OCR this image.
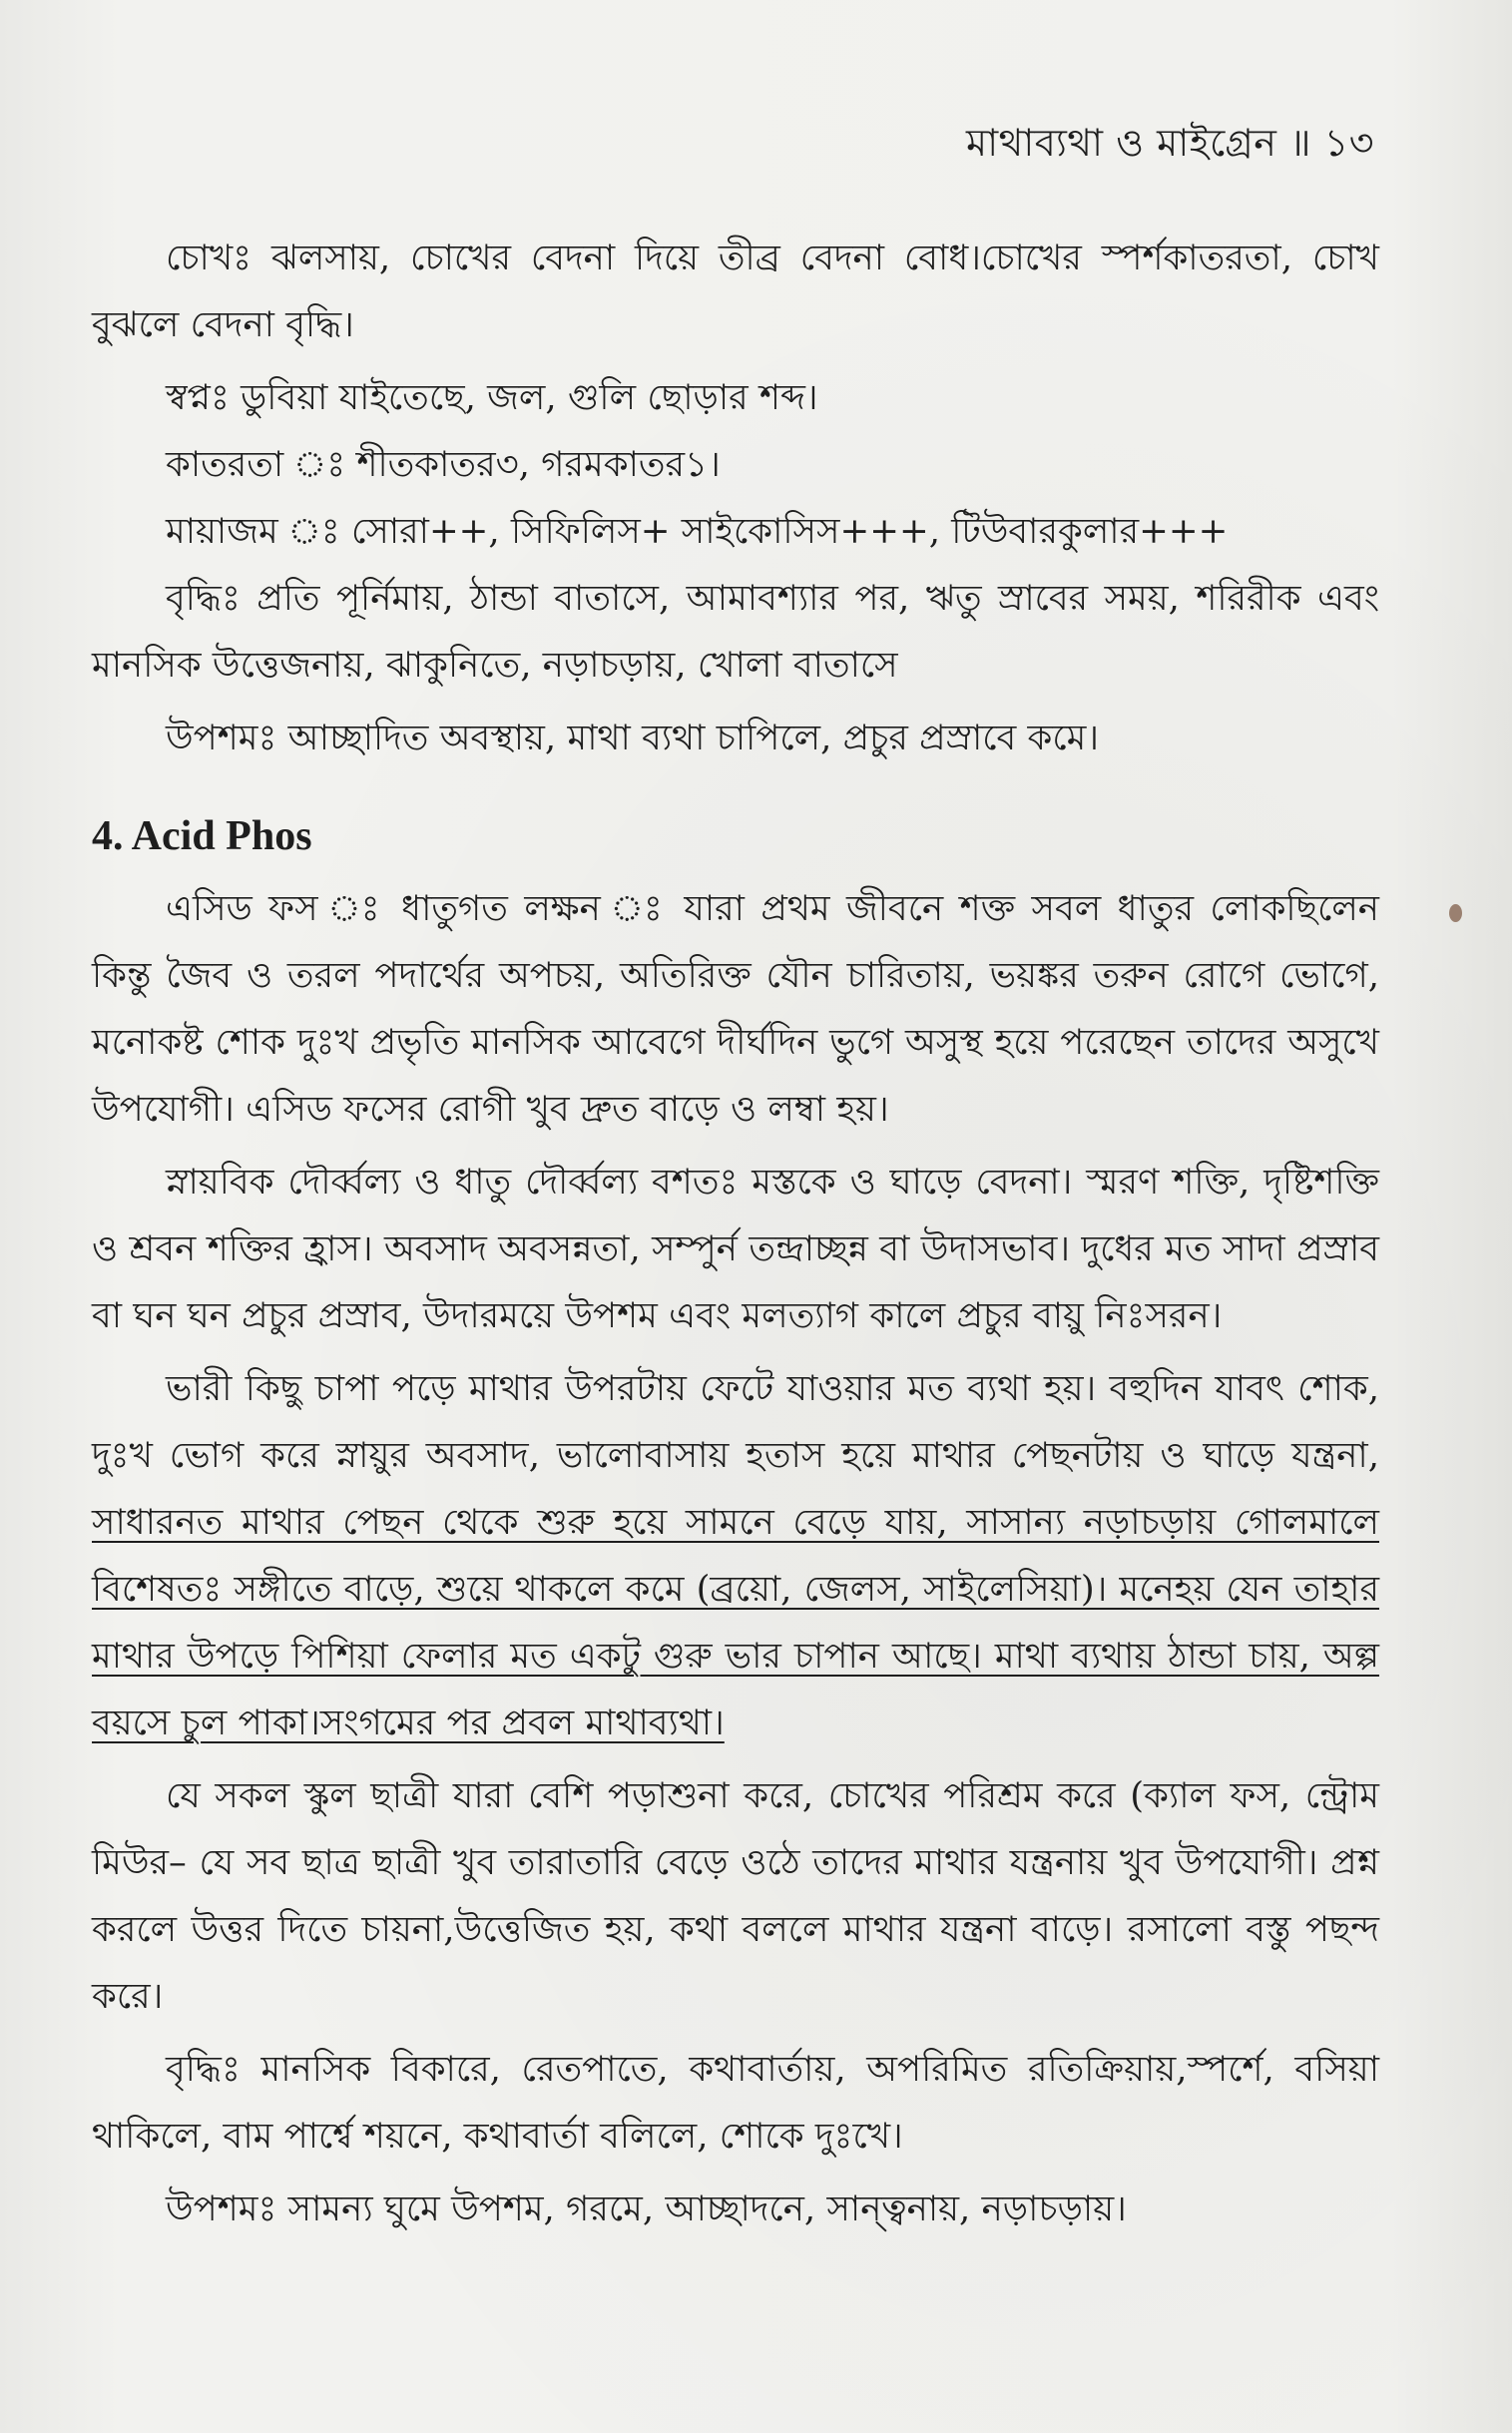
মাথাব্যথা ও মাইগ্রেন ॥ ১৩

চোখঃ ঝলসায়, চোখের বেদনা দিয়ে তীব্র বেদনা বোধ।চোখের স্পর্শকাতরতা, চোখ বুঝলে বেদনা বৃদ্ধি।

স্বপ্নঃ ডুবিয়া যাইতেছে, জল, গুলি ছোড়ার শব্দ।

কাতরতা ঃ শীতকাতর৩, গরমকাতর১।

মায়াজম ঃ সোরা++, সিফিলিস+ সাইকোসিস+++, টিউবারকুলার+++

বৃদ্ধিঃ প্রতি পূর্নিমায়, ঠান্ডা বাতাসে, আমাবশ্যার পর, ঋতু স্রাবের সময়, শরিরীক এবং মানসিক উত্তেজনায়, ঝাকুনিতে, নড়াচড়ায়, খোলা বাতাসে

উপশমঃ আচ্ছাদিত অবস্থায়, মাথা ব্যথা চাপিলে, প্রচুর প্রস্রাবে কমে।

4. Acid Phos

এসিড ফস ঃ ধাতুগত লক্ষন ঃ যারা প্রথম জীবনে শক্ত সবল ধাতুর লোকছিলেন কিন্তু জৈব ও তরল পদার্থের অপচয়, অতিরিক্ত যৌন চারিতায়, ভয়ঙ্কর তরুন রোগে ভোগে, মনোকষ্ট শোক দুঃখ প্রভৃতি মানসিক আবেগে দীর্ঘদিন ভুগে অসুস্থ হয়ে পরেছেন তাদের অসুখে উপযোগী। এসিড ফসের রোগী খুব দ্রুত বাড়ে ও লম্বা হয়।

স্নায়বিক দৌর্ব্বল্য ও ধাতু দৌর্ব্বল্য বশতঃ মস্তকে ও ঘাড়ে বেদনা। স্মরণ শক্তি, দৃষ্টিশক্তি ও শ্রবন শক্তির হ্রাস। অবসাদ অবসন্নতা, সম্পুর্ন তন্দ্রাচ্ছন্ন বা উদাসভাব। দুধের মত সাদা প্রস্রাব বা ঘন ঘন প্রচুর প্রস্রাব, উদারময়ে উপশম এবং মলত্যাগ কালে প্রচুর বায়ু নিঃসরন।

ভারী কিছু চাপা পড়ে মাথার উপরটায় ফেটে যাওয়ার মত ব্যথা হয়। বহুদিন যাবৎ শোক, দুঃখ ভোগ করে স্নায়ুর অবসাদ, ভালোবাসায় হতাস হয়ে মাথার পেছনটায় ও ঘাড়ে যন্ত্রনা, সাধারনত মাথার পেছন থেকে শুরু হয়ে সামনে বেড়ে যায়, সাসান্য নড়াচড়ায় গোলমালে বিশেষতঃ সঙ্গীতে বাড়ে, শুয়ে থাকলে কমে (ব্রয়ো, জেলস, সাইলেসিয়া)। মনেহয় যেন তাহার মাথার উপড়ে পিশিয়া ফেলার মত একটু গুরু ভার চাপান আছে। মাথা ব্যথায় ঠান্ডা চায়, অল্প বয়সে চুল পাকা।সংগমের পর প্রবল মাথাব্যথা।

যে সকল স্কুল ছাত্রী যারা বেশি পড়াশুনা করে, চোখের পরিশ্রম করে (ক্যাল ফস, ন্ট্রোম মিউর– যে সব ছাত্র ছাত্রী খুব তারাতারি বেড়ে ওঠে তাদের মাথার যন্ত্রনায় খুব উপযোগী। প্রশ্ন করলে উত্তর দিতে চায়না,উত্তেজিত হয়, কথা বললে মাথার যন্ত্রনা বাড়ে। রসালো বস্তু পছন্দ করে।

বৃদ্ধিঃ মানসিক বিকারে, রেতপাতে, কথাবার্তায়, অপরিমিত রতিক্রিয়ায়,স্পর্শে, বসিয়া থাকিলে, বাম পার্শ্বে শয়নে, কথাবার্তা বলিলে, শোকে দুঃখে।

উপশমঃ সামন্য ঘুমে উপশম, গরমে, আচ্ছাদনে, সান্ত্বনায়, নড়াচড়ায়।
